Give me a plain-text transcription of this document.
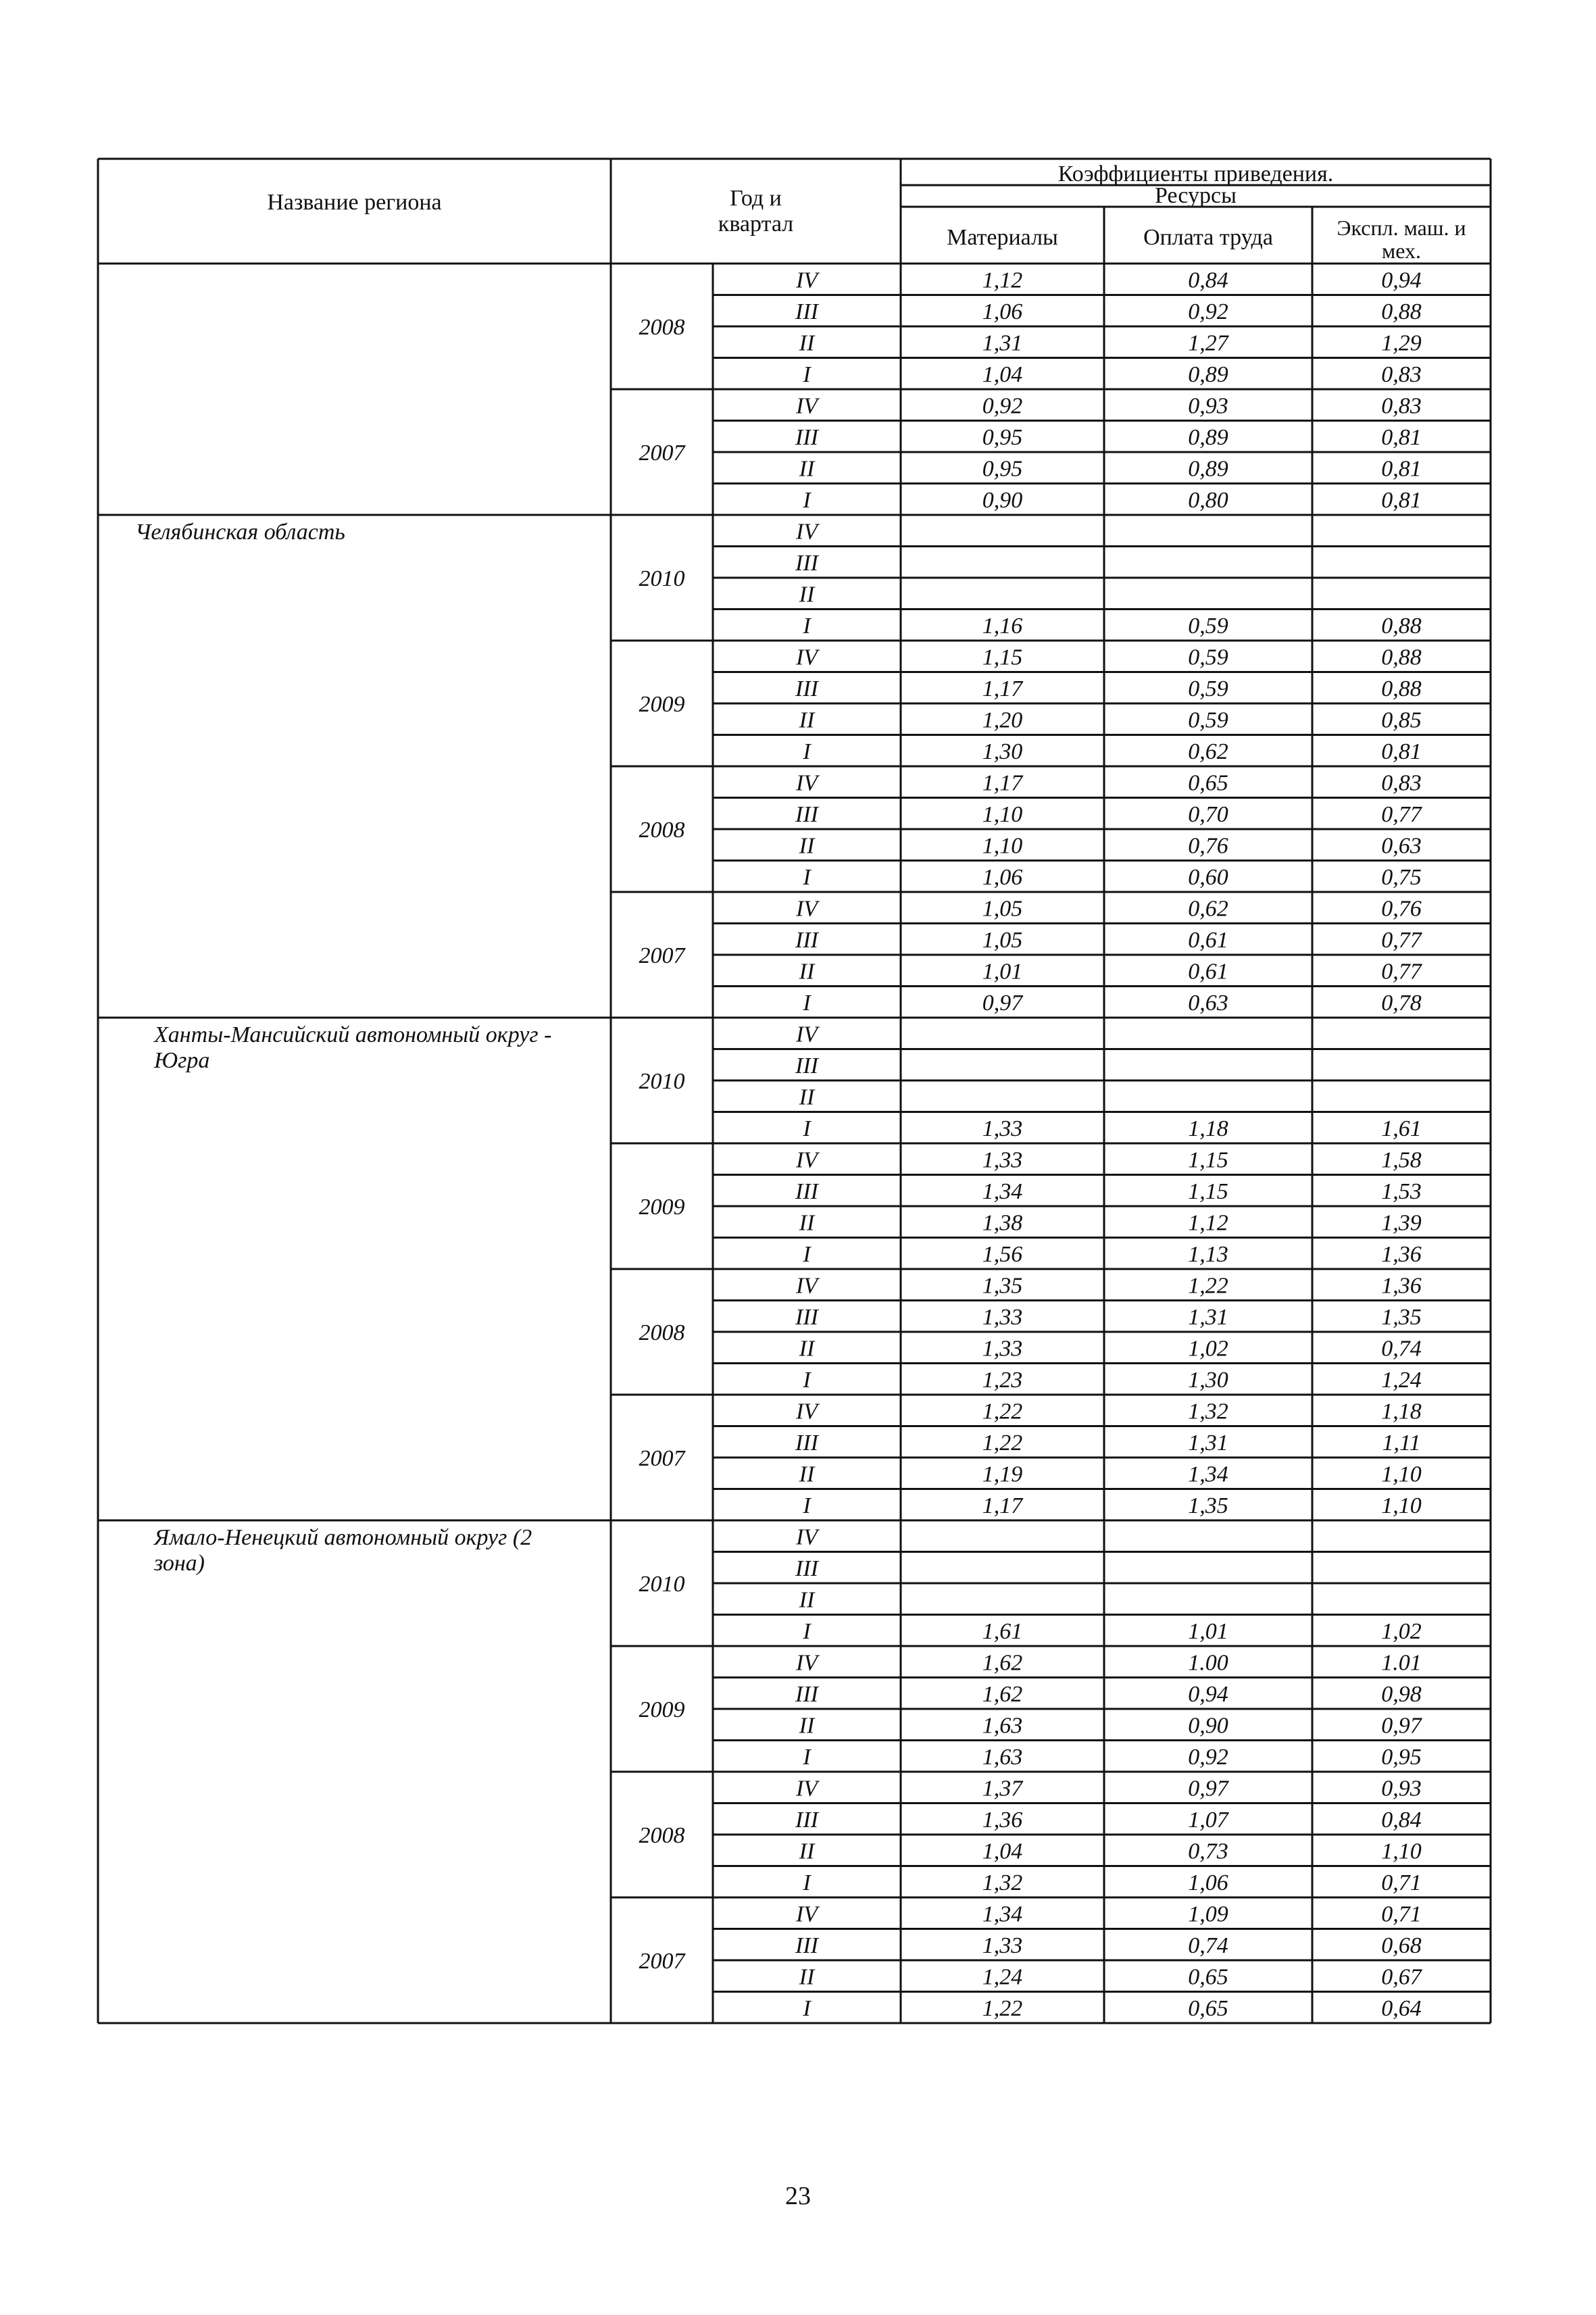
Название региона	Год и
квартал
Коэффициенты приведения.
Ресурсы
Материалы	Оплата труда	Экспл. маш. и
мех.
2008
IV	1,12	0,84	0,94
III	1,06	0,92	0,88
II	1,31	1,27	1,29
I	1,04	0,89	0,83
2007
IV	0,92	0,93	0,83
III	0,95	0,89	0,81
II	0,95	0,89	0,81
I	0,90	0,80	0,81
Челябинская область
2010
IV
III
II
I	1,16	0,59	0,88
2009
IV	1,15	0,59	0,88
III	1,17	0,59	0,88
II	1,20	0,59	0,85
I	1,30	0,62	0,81
2008
IV	1,17	0,65	0,83
III	1,10	0,70	0,77
II	1,10	0,76	0,63
I	1,06	0,60	0,75
2007
IV	1,05	0,62	0,76
III	1,05	0,61	0,77
II	1,01	0,61	0,77
I	0,97	0,63	0,78
Ханты-Мансийский автономный округ -
Югра
2010
IV
III
II
I	1,33	1,18	1,61
2009
IV	1,33	1,15	1,58
III	1,34	1,15	1,53
II	1,38	1,12	1,39
I	1,56	1,13	1,36
2008
IV	1,35	1,22	1,36
III	1,33	1,31	1,35
II	1,33	1,02	0,74
I	1,23	1,30	1,24
2007
IV	1,22	1,32	1,18
III	1,22	1,31	1,11
II	1,19	1,34	1,10
I	1,17	1,35	1,10
Ямало-Ненецкий автономный округ (2
зона)
2010
IV
III
II
I	1,61	1,01	1,02
2009
IV	1,62	1.00	1.01
III	1,62	0,94	0,98
II	1,63	0,90	0,97
I	1,63	0,92	0,95
2008
IV	1,37	0,97	0,93
III	1,36	1,07	0,84
II	1,04	0,73	1,10
I	1,32	1,06	0,71
2007
IV	1,34	1,09	0,71
III	1,33	0,74	0,68
II	1,24	0,65	0,67
I	1,22	0,65	0,64
23
